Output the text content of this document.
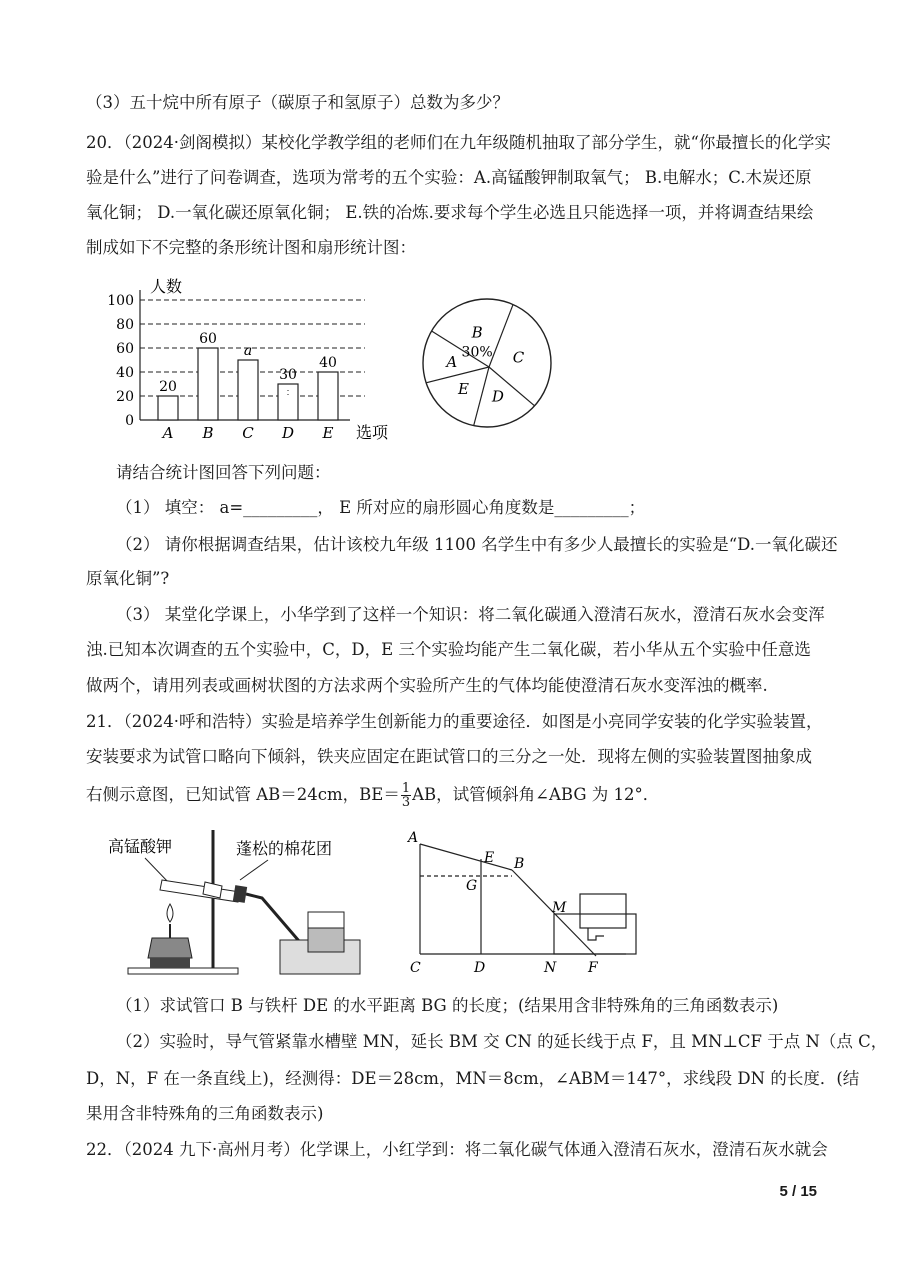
（3）五十烷中所有原子（碳原子和氢原子）总数为多少？
20．（2024·剑阁模拟）某校化学教学组的老师们在九年级随机抽取了部分学生，就“你最擅长的化学实
验是什么”进行了问卷调查，选项为常考的五个实验：A.高锰酸钾制取氧气； B.电解水；C.木炭还原
氧化铜； D.一氧化碳还原氧化铜； E.铁的冶炼.要求每个学生必选且只能选择一项，并将调查结果绘
制成如下不完整的条形统计图和扇形统计图：
0
20
40
60
80
100
人数
选项
20
A
60
B
a
C
30
D
40
E
A
B
30% C
D
E
请结合统计图回答下列问题：
（1） 填空： a=_________， E 所对应的扇形圆心角度数是_________；
（2） 请你根据调查结果，估计该校九年级 1100 名学生中有多少人最擅长的实验是“D.一氧化碳还
原氧化铜”?
（3） 某堂化学课上，小华学到了这样一个知识：将二氧化碳通入澄清石灰水，澄清石灰水会变浑
浊.已知本次调查的五个实验中，C，D，E 三个实验均能产生二氧化碳，若小华从五个实验中任意选
做两个，请用列表或画树状图的方法求两个实验所产生的气体均能使澄清石灰水变浑浊的概率.
21．（2024·呼和浩特）实验是培养学生创新能力的重要途径．如图是小亮同学安装的化学实验装置，
安装要求为试管口略向下倾斜，铁夹应固定在距试管口的三分之一处．现将左侧的实验装置图抽象成
右侧示意图，已知试管 AB＝24cm，$BE= \frac{1}{3}$ AB，试管倾斜角∠ABG 为 12°．
高锰酸钾	蓬松的棉花团
A
E B
G
M
C	D	N F
（1）求试管口 B 与铁杆 DE 的水平距离 BG 的长度；(结果用含非特殊角的三角函数表示)
（2）实验时，导气管紧靠水槽壁 MN，延长 BM 交 CN 的延长线于点 F，且 MN⊥CF 于点 N（点 C，
D，N，F 在一条直线上)，经测得：DE＝28cm，MN＝8cm，∠ABM＝147°，求线段 DN 的长度．(结
果用含非特殊角的三角函数表示)
22．（2024 九下·高州月考）化学课上，小红学到：将二氧化碳气体通入澄清石灰水，澄清石灰水就会
5 / 15
